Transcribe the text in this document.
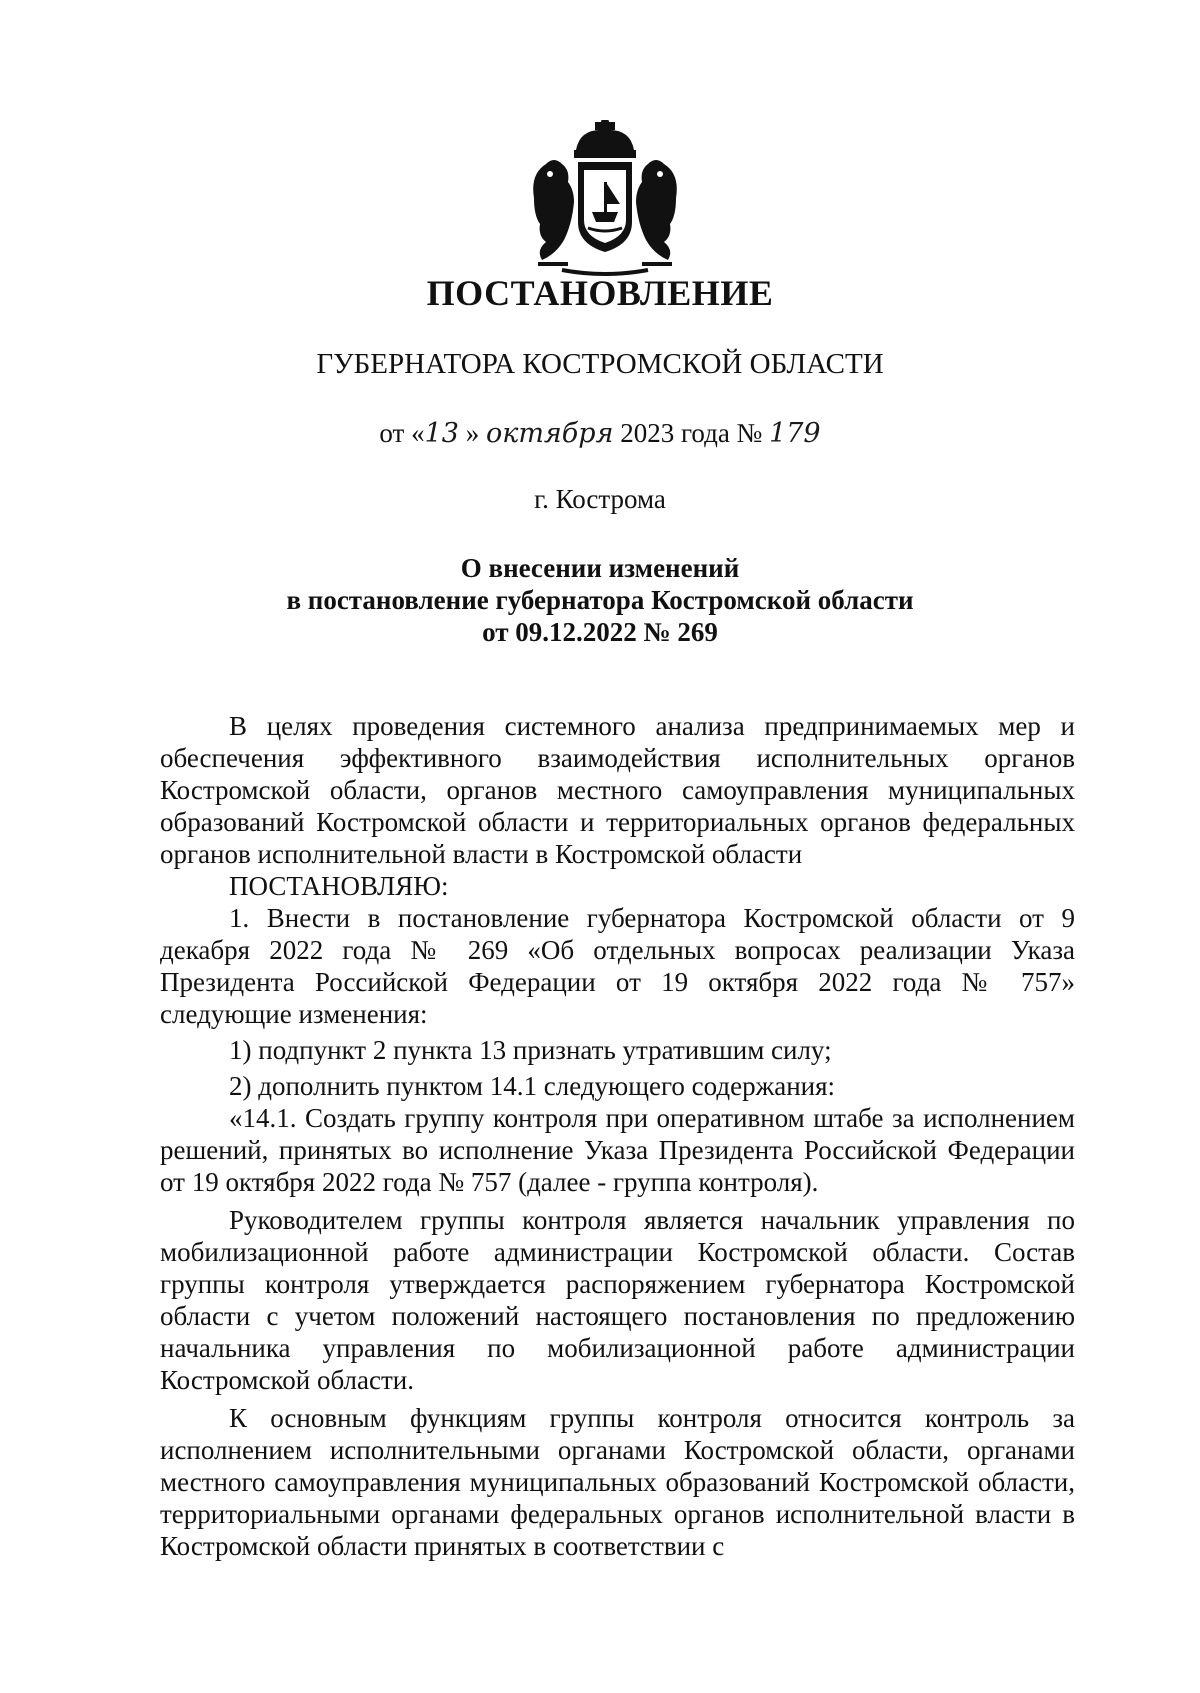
ПОСТАНОВЛЕНИЕ
ГУБЕРНАТОРА КОСТРОМСКОЙ ОБЛАСТИ
от «13 » октября 2023 года № 179
г. Кострома
О внесении изменений
в постановление губернатора Костромской области
от 09.12.2022 № 269

В целях проведения системного анализа предпринимаемых мер и обеспечения эффективного взаимодействия исполнительных органов Костромской области, органов местного самоуправления муниципальных образований Костромской области и территориальных органов федеральных органов исполнительной власти в Костромской области

ПОСТАНОВЛЯЮ:

1. Внести в постановление губернатора Костромской области от 9 декабря 2022 года № 269 «Об отдельных вопросах реализации Указа Президента Российской Федерации от 19 октября 2022 года № 757» следующие изменения:

1) подпункт 2 пункта 13 признать утратившим силу;

2) дополнить пунктом 14.1 следующего содержания:

«14.1. Создать группу контроля при оперативном штабе за исполнением решений, принятых во исполнение Указа Президента Российской Федерации от 19 октября 2022 года № 757 (далее - группа контроля).

Руководителем группы контроля является начальник управления по мобилизационной работе администрации Костромской области. Состав группы контроля утверждается распоряжением губернатора Костромской области с учетом положений настоящего постановления по предложению начальника управления по мобилизационной работе администрации Костромской области.

К основным функциям группы контроля относится контроль за исполнением исполнительными органами Костромской области, органами местного самоуправления муниципальных образований Костромской области, территориальными органами федеральных органов исполнительной власти в Костромской области принятых в соответствии с
